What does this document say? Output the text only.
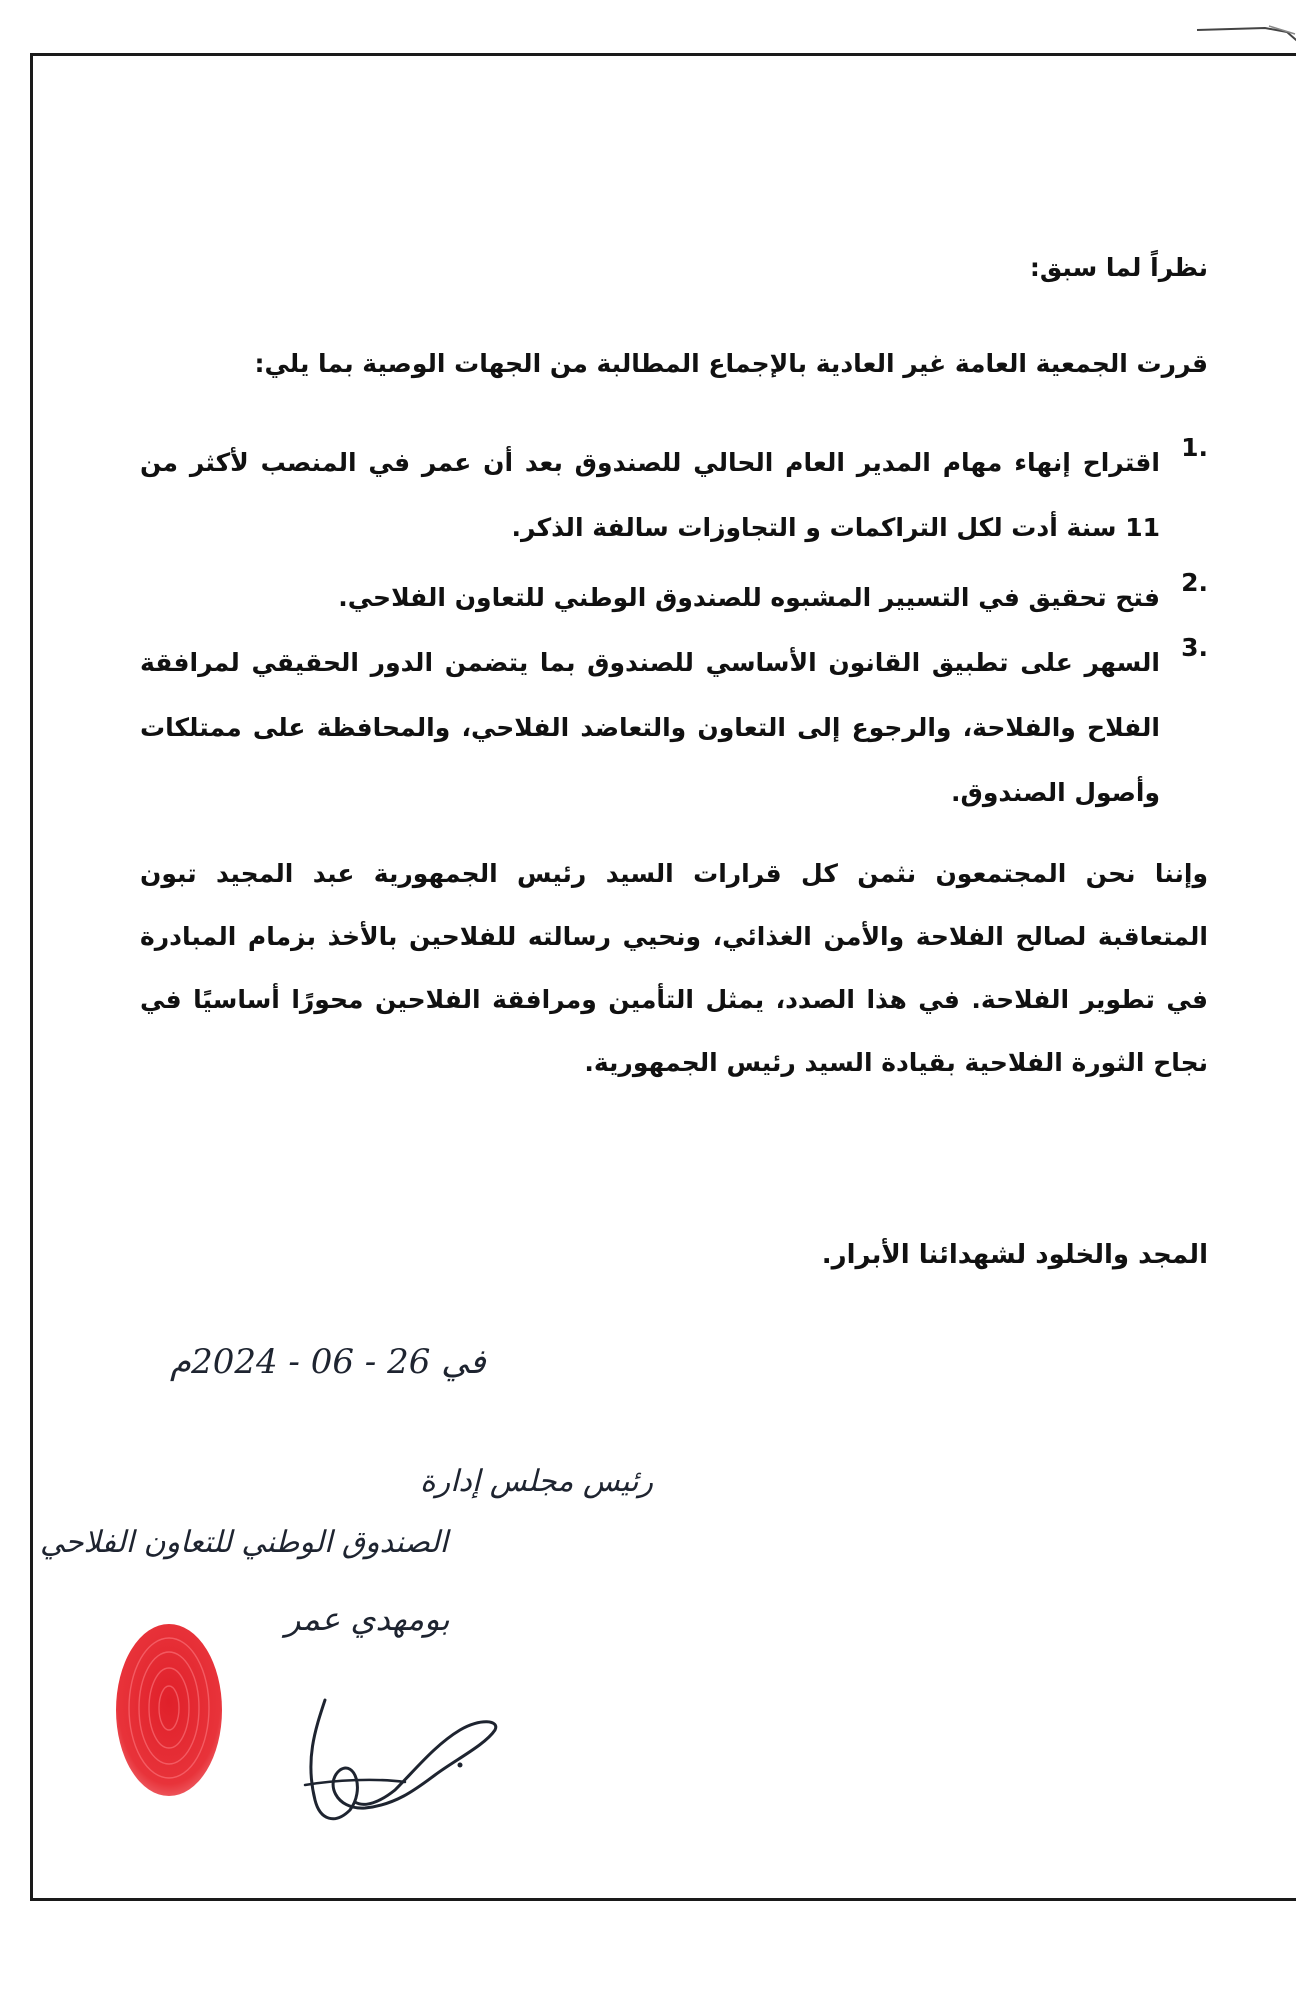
نظراً لما سبق:
قررت الجمعية العامة غير العادية بالإجماع المطالبة من الجهات الوصية بما يلي:
1.
اقتراح إنهاء مهام المدير العام الحالي للصندوق بعد أن عمر في المنصب لأكثر من 11 سنة أدت لكل التراكمات و التجاوزات سالفة الذكر.
2.
فتح تحقيق في التسيير المشبوه للصندوق الوطني للتعاون الفلاحي.
3.
السهر على تطبيق القانون الأساسي للصندوق بما يتضمن الدور الحقيقي لمرافقة الفلاح والفلاحة، والرجوع إلى التعاون والتعاضد الفلاحي، والمحافظة على ممتلكات وأصول الصندوق.
وإننا نحن المجتمعون نثمن كل قرارات السيد رئيس الجمهورية عبد المجيد تبون المتعاقبة لصالح الفلاحة والأمن الغذائي، ونحيي رسالته للفلاحين بالأخذ بزمام المبادرة في تطوير الفلاحة. في هذا الصدد، يمثل التأمين ومرافقة الفلاحين محورًا أساسيًا في نجاح الثورة الفلاحية بقيادة السيد رئيس الجمهورية.
المجد والخلود لشهدائنا الأبرار.
في 26 - 06 - 2024م
رئيس مجلس إدارة
الصندوق الوطني للتعاون الفلاحي
بومهدي عمر
